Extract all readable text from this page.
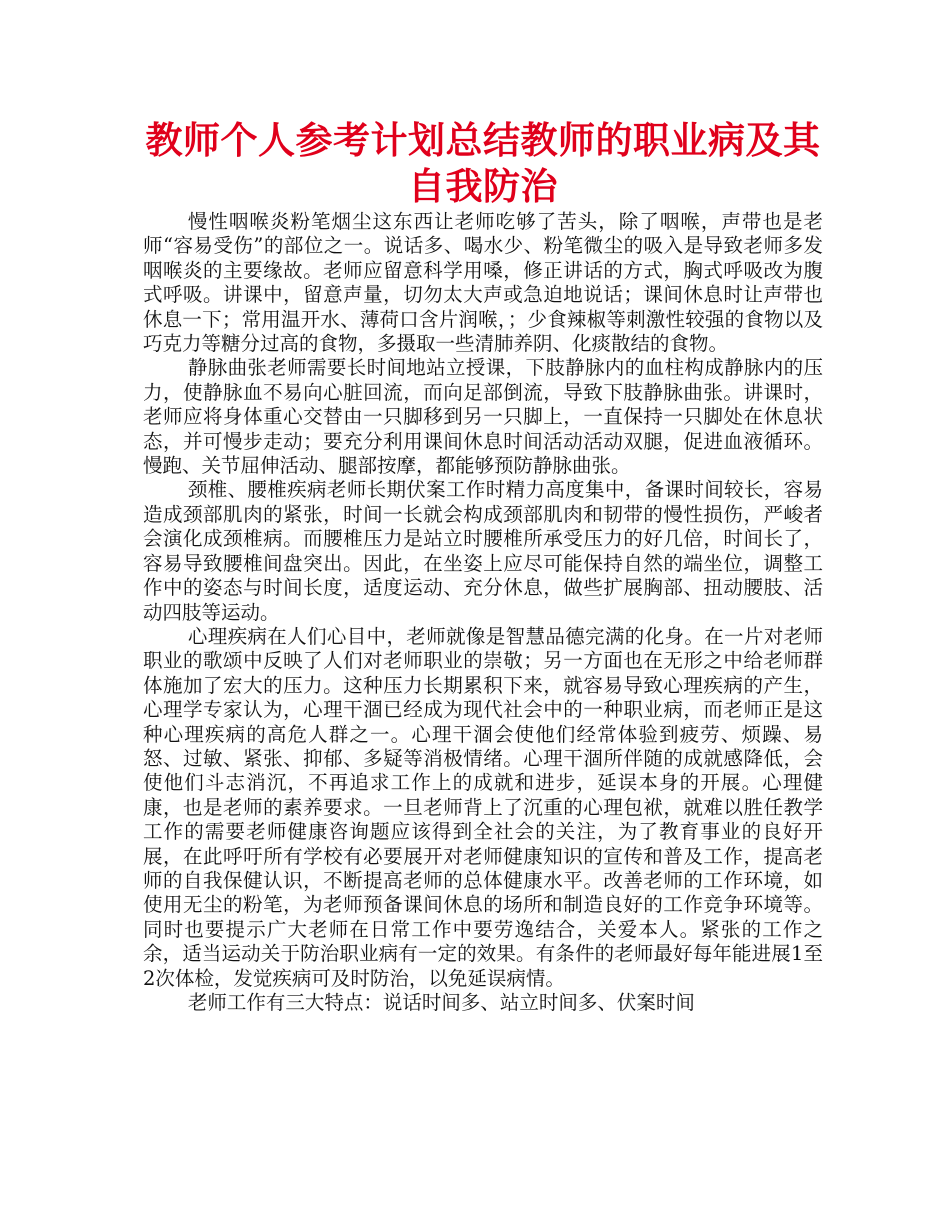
教师个人参考计划总结教师的职业病及其自我防治

慢性咽喉炎粉笔烟尘这东西让老师吃够了苦头，除了咽喉，声带也是老师“容易受伤”的部位之一。说话多、喝水少、粉笔微尘的吸入是导致老师多发咽喉炎的主要缘故。老师应留意科学用嗓，修正讲话的方式，胸式呼吸改为腹式呼吸。讲课中，留意声量，切勿太大声或急迫地说话；课间休息时让声带也休息一下；常用温开水、薄荷口含片润喉，；少食辣椒等刺激性较强的食物以及巧克力等糖分过高的食物，多摄取一些清肺养阴、化痰散结的食物。

静脉曲张老师需要长时间地站立授课，下肢静脉内的血柱构成静脉内的压力，使静脉血不易向心脏回流，而向足部倒流，导致下肢静脉曲张。讲课时，老师应将身体重心交替由一只脚移到另一只脚上，一直保持一只脚处在休息状态，并可慢步走动；要充分利用课间休息时间活动活动双腿，促进血液循环。慢跑、关节屈伸活动、腿部按摩，都能够预防静脉曲张。

颈椎、腰椎疾病老师长期伏案工作时精力高度集中，备课时间较长，容易造成颈部肌肉的紧张，时间一长就会构成颈部肌肉和韧带的慢性损伤，严峻者会演化成颈椎病。而腰椎压力是站立时腰椎所承受压力的好几倍，时间长了，容易导致腰椎间盘突出。因此，在坐姿上应尽可能保持自然的端坐位，调整工作中的姿态与时间长度，适度运动、充分休息，做些扩展胸部、扭动腰肢、活动四肢等运动。

心理疾病在人们心目中，老师就像是智慧品德完满的化身。在一片对老师职业的歌颂中反映了人们对老师职业的崇敬；另一方面也在无形之中给老师群体施加了宏大的压力。这种压力长期累积下来，就容易导致心理疾病的产生，心理学专家认为，心理干涸已经成为现代社会中的一种职业病，而老师正是这种心理疾病的高危人群之一。心理干涸会使他们经常体验到疲劳、烦躁、易怒、过敏、紧张、抑郁、多疑等消极情绪。心理干涸所伴随的成就感降低，会使他们斗志消沉，不再追求工作上的成就和进步，延误本身的开展。心理健康，也是老师的素养要求。一旦老师背上了沉重的心理包袱，就难以胜任教学工作的需要老师健康咨询题应该得到全社会的关注，为了教育事业的良好开展，在此呼吁所有学校有必要展开对老师健康知识的宣传和普及工作，提高老师的自我保健认识，不断提高老师的总体健康水平。改善老师的工作环境，如使用无尘的粉笔，为老师预备课间休息的场所和制造良好的工作竞争环境等。同时也要提示广大老师在日常工作中要劳逸结合，关爱本人。紧张的工作之余，适当运动关于防治职业病有一定的效果。有条件的老师最好每年能进展1至2次体检，发觉疾病可及时防治，以免延误病情。

老师工作有三大特点：说话时间多、站立时间多、伏案时间
